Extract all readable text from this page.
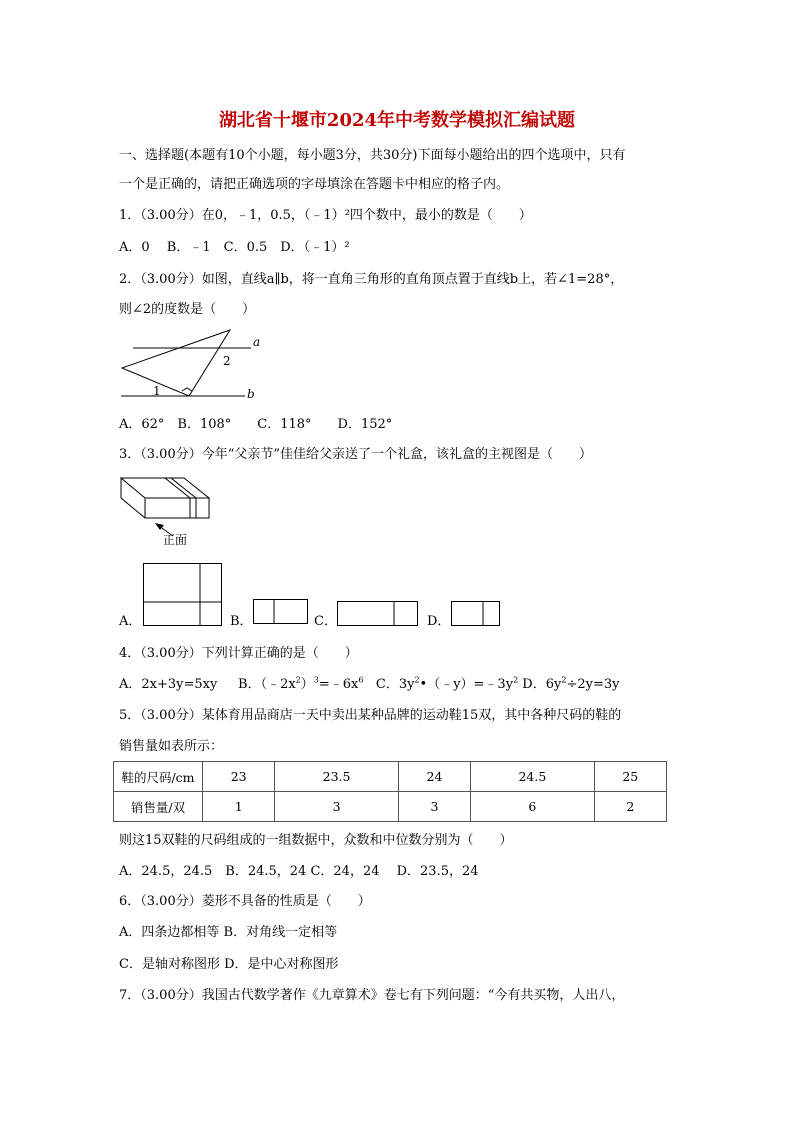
湖北省十堰市2024年中考数学模拟汇编试题
一、选择题(本题有10个小题，每小题3分，共30分)下面每小题给出的四个选项中，只有
一个是正确的，请把正确选项的字母填涂在答题卡中相应的格子内。
1．（3.00分）在0，﹣1，0.5，（﹣1）²四个数中，最小的数是（　　）
A．0　 B．﹣1　C．0.5　D．（﹣1）²
2．（3.00分）如图，直线a∥b，将一直角三角形的直角顶点置于直线b上，若∠1=28°，
则∠2的度数是（　　）
a
b
1
2
A．62°　B．108°　　C．118°　　D．152°
3．（3.00分）今年“父亲节”佳佳给父亲送了一个礼盒，该礼盒的主视图是（　　）
正面
A．	B．	C．	D．
4．（3.00分）下列计算正确的是（　　）
A．2x+3y=5xy B．$(﹣2x^2)^3=﹣6x^6$ C．$3y^2•(﹣y)=﹣3y^2$ D．$6y^2\div 2y=3y$
5．（3.00分）某体育用品商店一天中卖出某种品牌的运动鞋15双，其中各种尺码的鞋的
销售量如表所示：
鞋的尺码/cm	23	23.5	24	24.5	25
销售量/双	1	3	3	6	2
则这15双鞋的尺码组成的一组数据中，众数和中位数分别为（　　）
A．24.5，24.5　B．24.5，24 C．24，24　 D．23.5，24
6．（3.00分）菱形不具备的性质是（　　）
A．四条边都相等 B．对角线一定相等
C．是轴对称图形 D．是中心对称图形
7．（3.00分）我国古代数学著作《九章算术》卷七有下列问题：“今有共买物，人出八，
